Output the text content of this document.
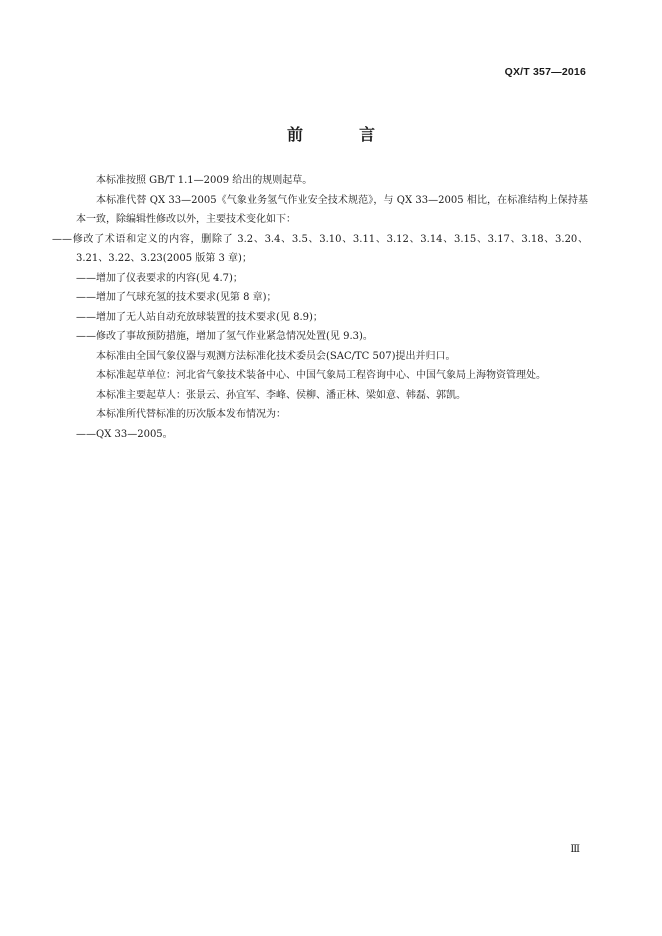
QX/T 357—2016
前　言

本标准按照 GB/T 1.1—2009 给出的规则起草。

本标准代替 QX 33—2005《气象业务氢气作业安全技术规范》，与 QX 33—2005 相比，在标准结构上保持基本一致，除编辑性修改以外，主要技术变化如下：

——修改了术语和定义的内容，删除了 3.2、3.4、3.5、3.10、3.11、3.12、3.14、3.15、3.17、3.18、3.20、3.21、3.22、3.23(2005 版第 3 章)；

——增加了仪表要求的内容(见 4.7)；

——增加了气球充氢的技术要求(见第 8 章)；

——增加了无人站自动充放球装置的技术要求(见 8.9)；

——修改了事故预防措施，增加了氢气作业紧急情况处置(见 9.3)。

本标准由全国气象仪器与观测方法标准化技术委员会(SAC/TC 507)提出并归口。

本标准起草单位：河北省气象技术装备中心、中国气象局工程咨询中心、中国气象局上海物资管理处。

本标准主要起草人：张景云、孙宜军、李峰、侯柳、潘正林、梁如意、韩磊、郭凯。

本标准所代替标准的历次版本发布情况为：

——QX 33—2005。

Ⅲ
